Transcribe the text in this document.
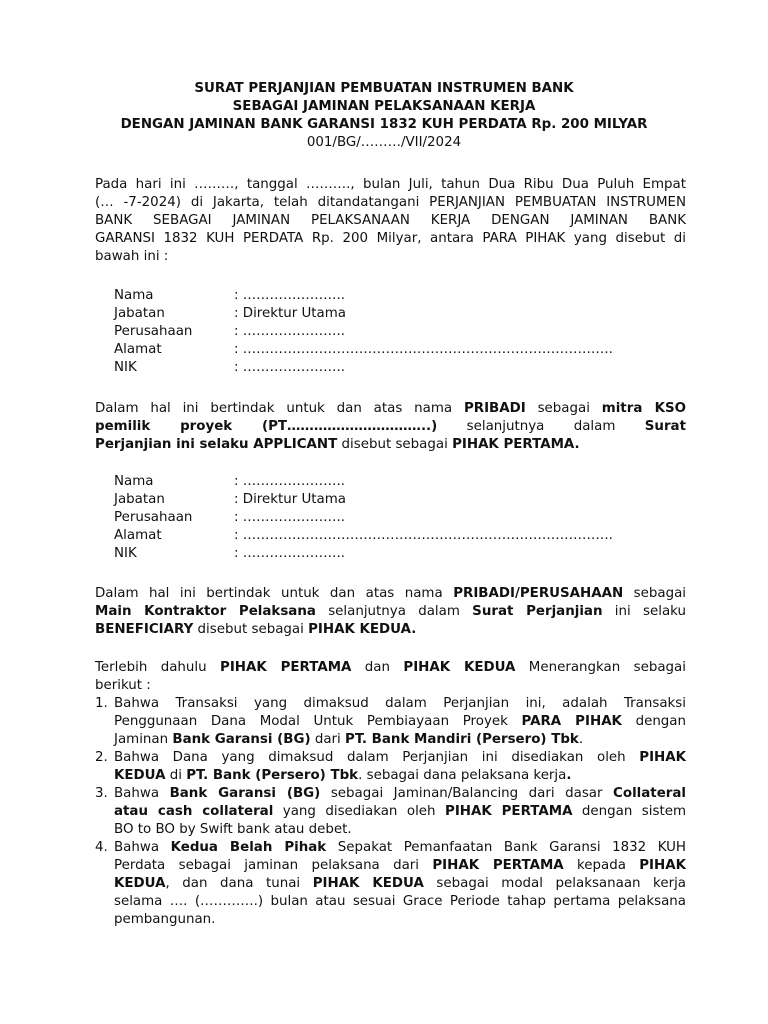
SURAT PERJANJIAN PEMBUATAN INSTRUMEN BANK
SEBAGAI JAMINAN PELAKSANAAN KERJA
DENGAN JAMINAN BANK GARANSI 1832 KUH PERDATA Rp. 200 MILYAR
001/BG/………/VII/2024
Pada hari ini ………, tanggal ………., bulan Juli, tahun Dua Ribu Dua Puluh Empat
(… -7-2024) di Jakarta, telah ditandatangani PERJANJIAN PEMBUATAN INSTRUMEN
BANK SEBAGAI JAMINAN PELAKSANAAN KERJA DENGAN JAMINAN BANK
GARANSI 1832 KUH PERDATA Rp. 200 Milyar, antara PARA PIHAK yang disebut di
bawah ini :
Nama	: …………………..
Jabatan	: Direktur Utama
Perusahaan	: …………………..
Alamat	: ………………………………………………………………………..
NIK	: …………………..
Dalam hal ini bertindak untuk dan atas nama PRIBADI sebagai mitra KSO
pemilik proyek (PT…………………………..) selanjutnya dalam Surat
Perjanjian ini selaku APPLICANT disebut sebagai PIHAK PERTAMA.
Nama	: …………………..
Jabatan	: Direktur Utama
Perusahaan	: …………………..
Alamat	: ………………………………………………………………………..
NIK	: …………………..
Dalam hal ini bertindak untuk dan atas nama PRIBADI/PERUSAHAAN sebagai
Main Kontraktor Pelaksana selanjutnya dalam Surat Perjanjian ini selaku
BENEFICIARY disebut sebagai PIHAK KEDUA.
Terlebih dahulu PIHAK PERTAMA dan PIHAK KEDUA Menerangkan sebagai
berikut :
1. Bahwa Transaksi yang dimaksud dalam Perjanjian ini, adalah Transaksi
Penggunaan Dana Modal Untuk Pembiayaan Proyek PARA PIHAK dengan
Jaminan Bank Garansi (BG) dari PT. Bank Mandiri (Persero) Tbk.
2. Bahwa Dana yang dimaksud dalam Perjanjian ini disediakan oleh PIHAK
KEDUA di PT. Bank (Persero) Tbk. sebagai dana pelaksana kerja.
3. Bahwa Bank Garansi (BG) sebagai Jaminan/Balancing dari dasar Collateral
atau cash collateral yang disediakan oleh PIHAK PERTAMA dengan sistem
BO to BO by Swift bank atau debet.
4. Bahwa Kedua Belah Pihak Sepakat Pemanfaatan Bank Garansi 1832 KUH
Perdata sebagai jaminan pelaksana dari PIHAK PERTAMA kepada PIHAK
KEDUA, dan dana tunai PIHAK KEDUA sebagai modal pelaksanaan kerja
selama …. (………….) bulan atau sesuai Grace Periode tahap pertama pelaksana
pembangunan.
